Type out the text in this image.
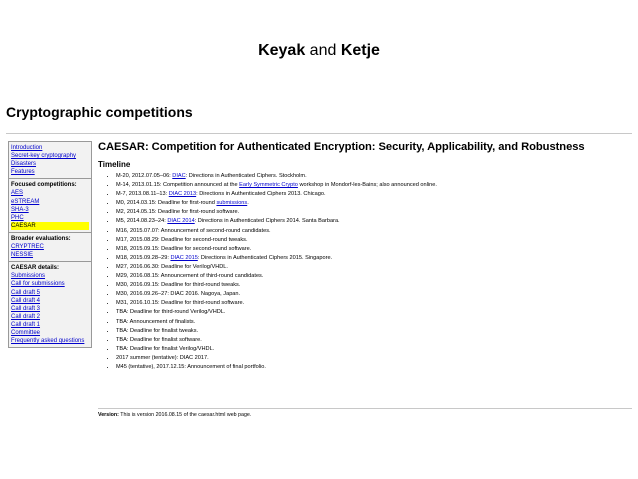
Keyak and Ketje
Cryptographic competitions
Introduction
Secret-key cryptography
Disasters
Features
Focused competitions:
AES
eSTREAM
SHA-3
PHC
CAESAR
Broader evaluations:
CRYPTREC
NESSIE
CAESAR details:
Submissions
Call for submissions
Call draft 5
Call draft 4
Call draft 3
Call draft 2
Call draft 1
Committee
Frequently asked questions
CAESAR: Competition for Authenticated Encryption: Security, Applicability, and Robustness
Timeline
• M-20, 2012.07.05–06: DIAC: Directions in Authenticated Ciphers. Stockholm.
• M-14, 2013.01.15: Competition announced at the Early Symmetric Crypto workshop in Mondorf-les-Bains; also announced online.
• M-7, 2013.08.11–13: DIAC 2013: Directions in Authenticated Ciphers 2013. Chicago.
• M0, 2014.03.15: Deadline for first-round submissions.
• M2, 2014.05.15: Deadline for first-round software.
• M5, 2014.08.23–24: DIAC 2014: Directions in Authenticated Ciphers 2014. Santa Barbara.
• M16, 2015.07.07: Announcement of second-round candidates.
• M17, 2015.08.29: Deadline for second-round tweaks.
• M18, 2015.09.15: Deadline for second-round software.
• M18, 2015.09.28–29: DIAC 2015: Directions in Authenticated Ciphers 2015. Singapore.
• M27, 2016.06.30: Deadline for Verilog/VHDL.
• M29, 2016.08.15: Announcement of third-round candidates.
• M30, 2016.09.15: Deadline for third-round tweaks.
• M30, 2016.09.26–27: DIAC 2016. Nagoya, Japan.
• M31, 2016.10.15: Deadline for third-round software.
• TBA: Deadline for third-round Verilog/VHDL.
• TBA: Announcement of finalists.
• TBA: Deadline for finalist tweaks.
• TBA: Deadline for finalist software.
• TBA: Deadline for finalist Verilog/VHDL.
• 2017 summer (tentative): DIAC 2017.
• M45 (tentative), 2017.12.15: Announcement of final portfolio.
Version: This is version 2016.08.15 of the caesar.html web page.
